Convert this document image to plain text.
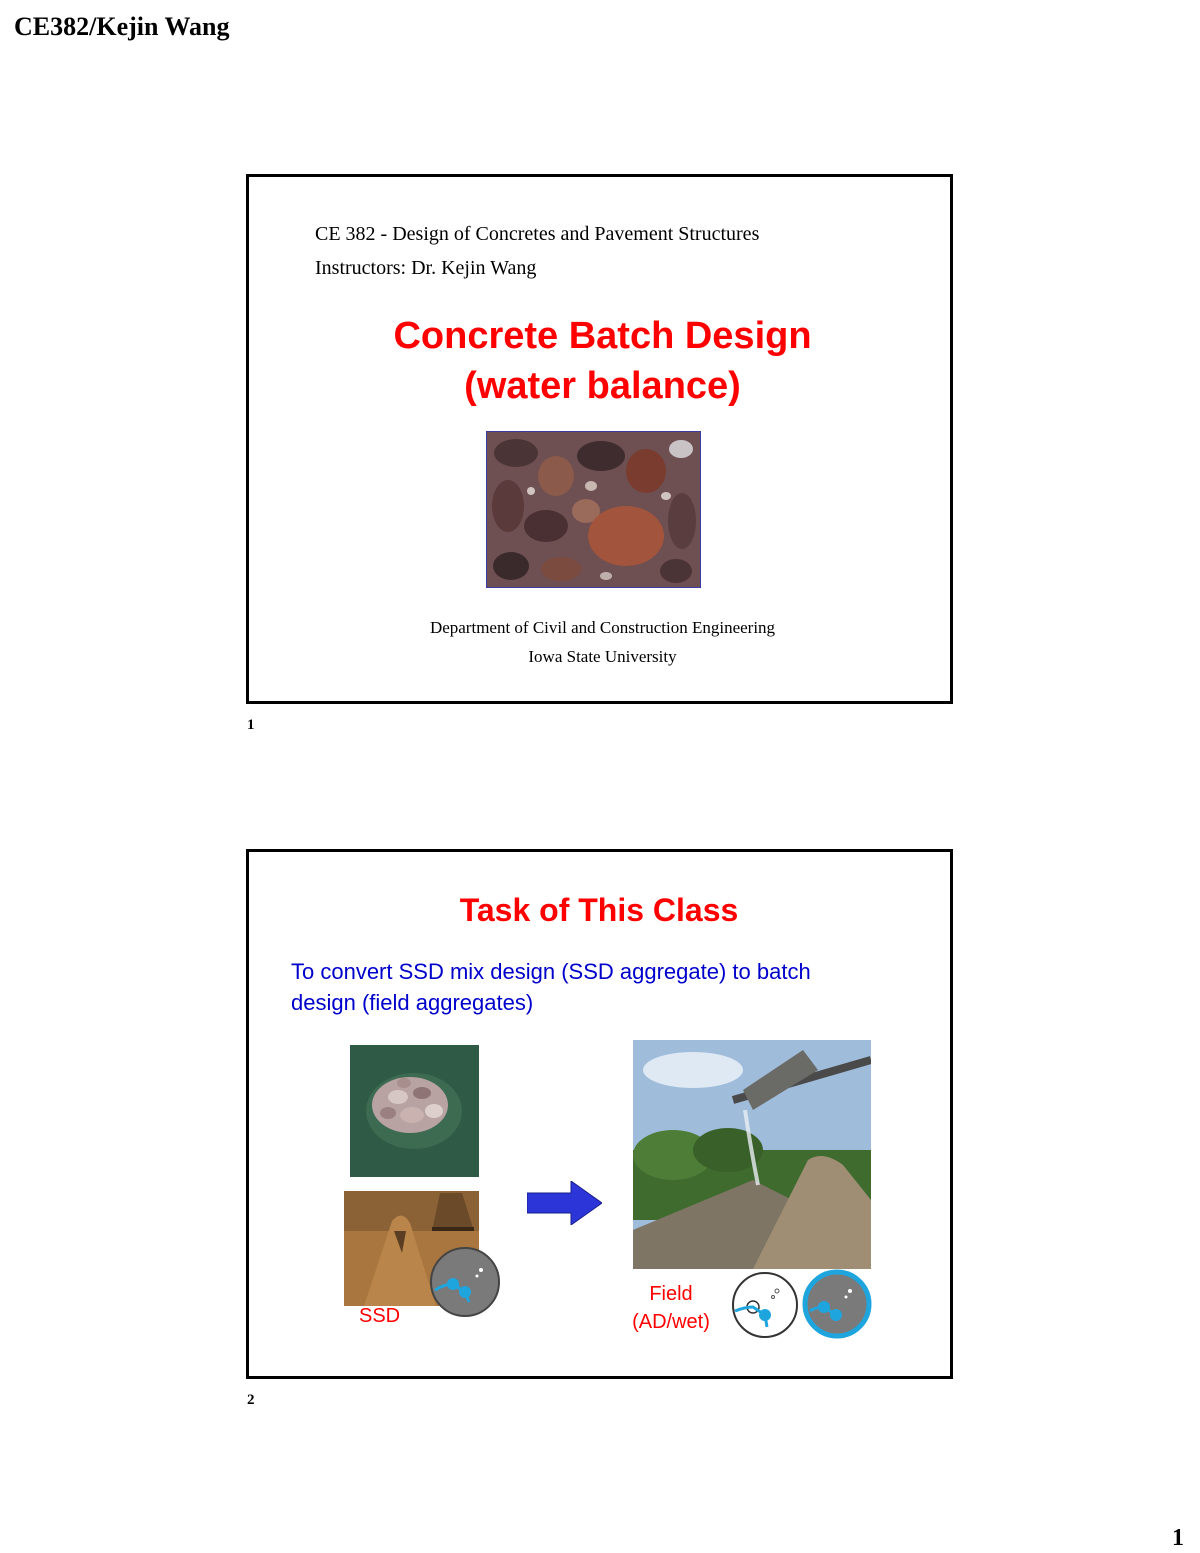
CE382/Kejin Wang
CE 382 - Design of Concretes and Pavement Structures
Instructors: Dr. Kejin Wang
Concrete Batch Design
(water balance)
Department of Civil and Construction Engineering
Iowa State University
1
Task of This Class
To convert SSD mix design (SSD aggregate) to batch
design (field aggregates)
SSD
Field
(AD/wet)
2
1
